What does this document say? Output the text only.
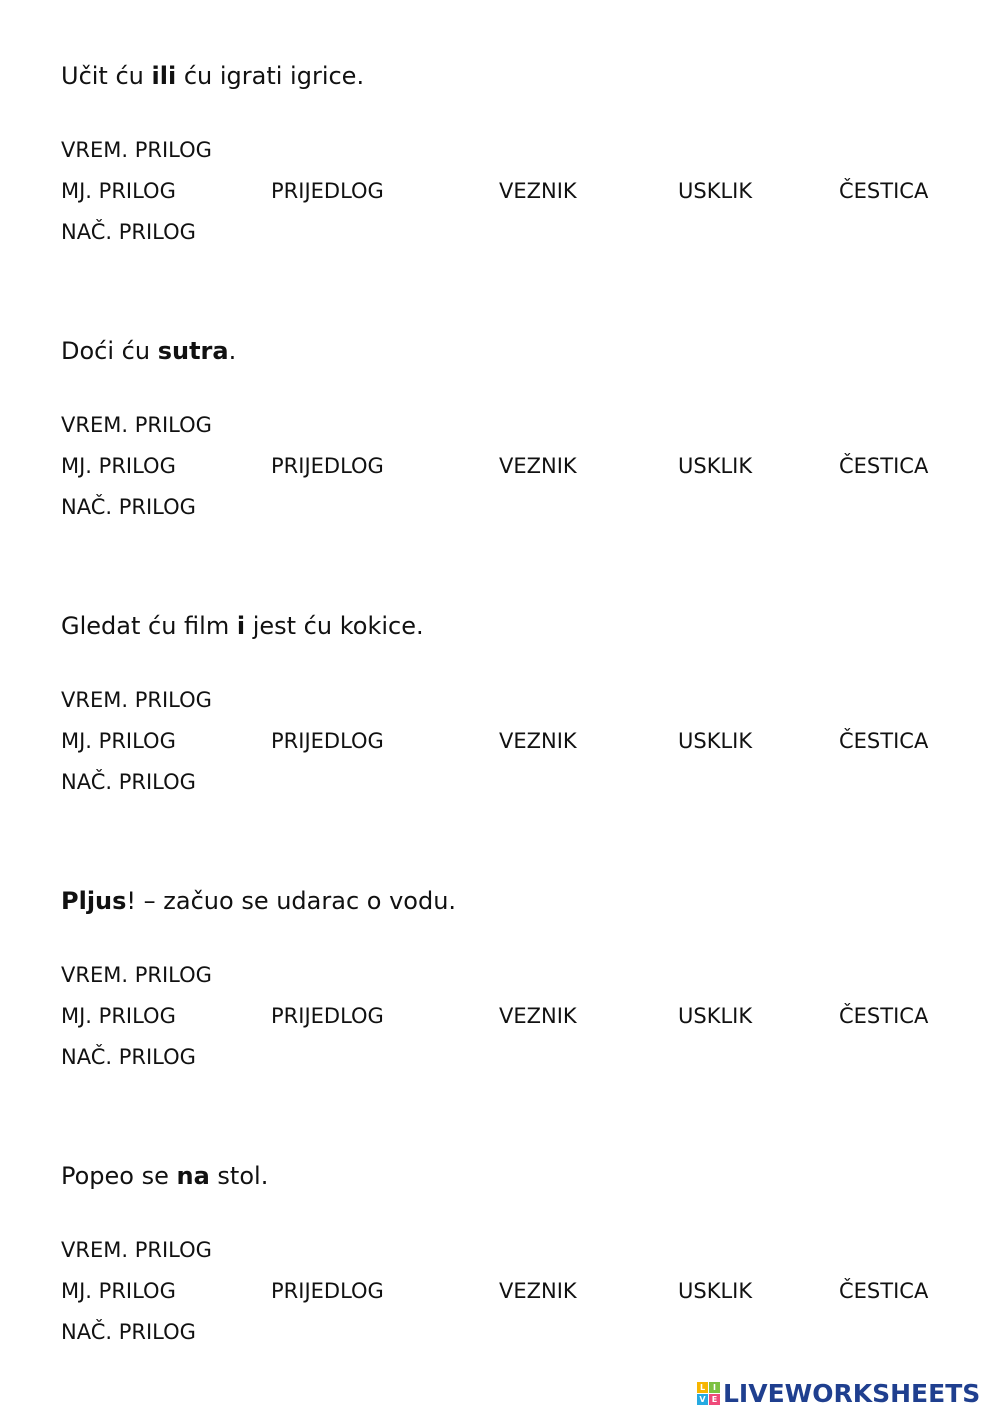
Učit ću ili ću igrati igrice.
VREM. PRILOG
MJ. PRILOG	PRIJEDLOG	VEZNIK	USKLIK	ČESTICA
NAČ. PRILOG
Doći ću sutra.
VREM. PRILOG
MJ. PRILOG	PRIJEDLOG	VEZNIK	USKLIK	ČESTICA
NAČ. PRILOG
Gledat ću film i jest ću kokice.
VREM. PRILOG
MJ. PRILOG	PRIJEDLOG	VEZNIK	USKLIK	ČESTICA
NAČ. PRILOG
Pljus! – začuo se udarac o vodu.
VREM. PRILOG
MJ. PRILOG	PRIJEDLOG	VEZNIK	USKLIK	ČESTICA
NAČ. PRILOG
Popeo se na stol.
VREM. PRILOG
MJ. PRILOG	PRIJEDLOG	VEZNIK	USKLIK	ČESTICA
NAČ. PRILOG
L I
V E LIVEWORKSHEETS
